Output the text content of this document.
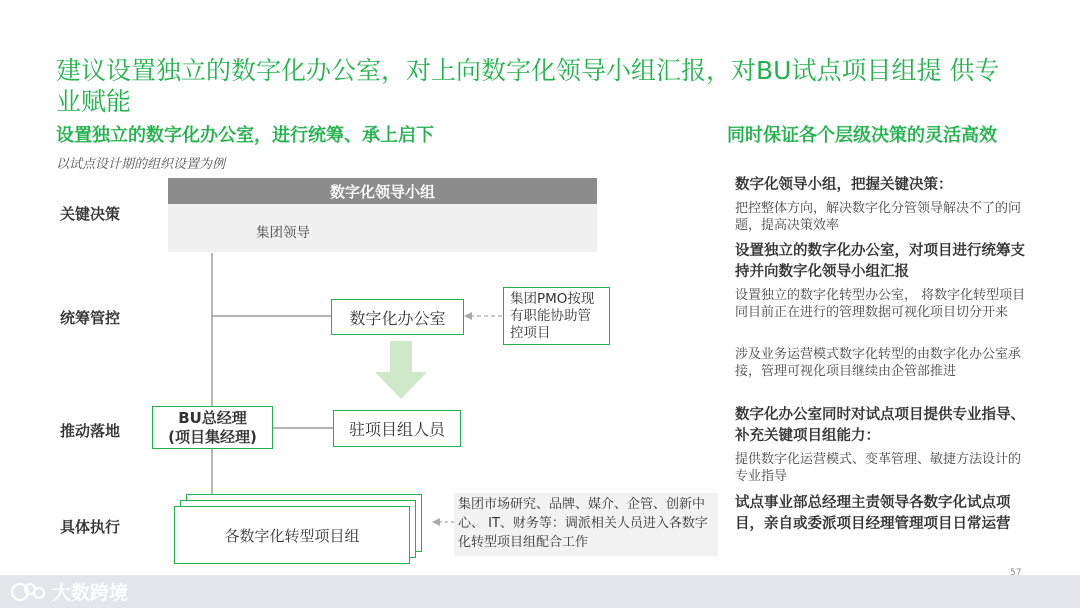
建议设置独立的数字化办公室，对上向数字化领导小组汇报，对BU试点项目组提 供专业赋能
设置独立的数字化办公室，进行统筹、承上启下	同时保证各个层级决策的灵活高效
以试点设计期的组织设置为例
关键决策
统筹管控
推动落地
具体执行
数字化领导小组
集团领导
数字化办公室
集团PMO按现有职能协助管控项目
BU总经理
(项目集经理)	驻项目组人员
各数字化转型项目组
集团市场研究、品牌、媒介、企管、创新中心、 IT、财务等：调派相关人员进入各数字化转型项目组配合工作
数字化领导小组，把握关键决策：
把控整体方向，解决数字化分管领导解决不了的问题，提高决策效率
设置独立的数字化办公室，对项目进行统筹支持并向数字化领导小组汇报
设置独立的数字化转型办公室， 将数字化转型项目同目前正在进行的管理数据可视化项目切分开来
涉及业务运营模式数字化转型的由数字化办公室承接，管理可视化项目继续由企管部推进
数字化办公室同时对试点项目提供专业指导、补充关键项目组能力：
提供数字化运营模式、变革管理、敏捷方法设计的专业指导
试点事业部总经理主责领导各数字化试点项目，亲自或委派项目经理管理项目日常运营
57
大数跨境
